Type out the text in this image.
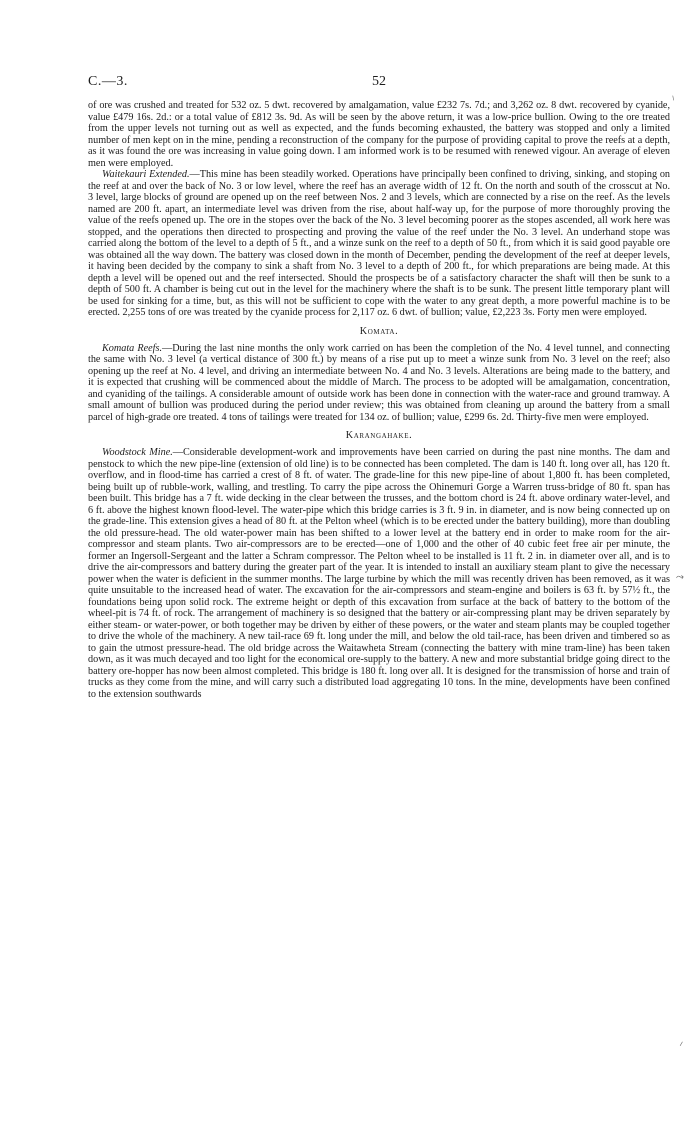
⸌
⤳
⸝
C.—3.	52

of ore was crushed and treated for 532 oz. 5 dwt. recovered by amalgamation, value £232 7s. 7d.; and 3,262 oz. 8 dwt. recovered by cyanide, value £479 16s. 2d.: or a total value of £812 3s. 9d. As will be seen by the above return, it was a low-price bullion. Owing to the ore treated from the upper levels not turning out as well as expected, and the funds becoming exhausted, the battery was stopped and only a limited number of men kept on in the mine, pending a reconstruction of the company for the purpose of providing capital to prove the reefs at a depth, as it was found the ore was increasing in value going down. I am informed work is to be resumed with renewed vigour. An average of eleven men were employed.

Waitekauri Extended.—This mine has been steadily worked. Operations have principally been confined to driving, sinking, and stoping on the reef at and over the back of No. 3 or low level, where the reef has an average width of 12 ft. On the north and south of the crosscut at No. 3 level, large blocks of ground are opened up on the reef between Nos. 2 and 3 levels, which are connected by a rise on the reef. As the levels named are 200 ft. apart, an intermediate level was driven from the rise, about half-way up, for the purpose of more thoroughly proving the value of the reefs opened up. The ore in the stopes over the back of the No. 3 level becoming poorer as the stopes ascended, all work here was stopped, and the operations then directed to prospecting and proving the value of the reef under the No. 3 level. An underhand stope was carried along the bottom of the level to a depth of 5 ft., and a winze sunk on the reef to a depth of 50 ft., from which it is said good payable ore was obtained all the way down. The battery was closed down in the month of December, pending the development of the reef at deeper levels, it having been decided by the company to sink a shaft from No. 3 level to a depth of 200 ft., for which preparations are being made. At this depth a level will be opened out and the reef intersected. Should the prospects be of a satisfactory character the shaft will then be sunk to a depth of 500 ft. A chamber is being cut out in the level for the machinery where the shaft is to be sunk. The present little temporary plant will be used for sinking for a time, but, as this will not be sufficient to cope with the water to any great depth, a more powerful machine is to be erected. 2,255 tons of ore was treated by the cyanide process for 2,117 oz. 6 dwt. of bullion; value, £2,223 3s. Forty men were employed.

Komata.

Komata Reefs.—During the last nine months the only work carried on has been the completion of the No. 4 level tunnel, and connecting the same with No. 3 level (a vertical distance of 300 ft.) by means of a rise put up to meet a winze sunk from No. 3 level on the reef; also opening up the reef at No. 4 level, and driving an intermediate between No. 4 and No. 3 levels. Alterations are being made to the battery, and it is expected that crushing will be commenced about the middle of March. The process to be adopted will be amalgamation, concentration, and cyaniding of the tailings. A considerable amount of outside work has been done in connection with the water-race and ground tramway. A small amount of bullion was produced during the period under review; this was obtained from cleaning up around the battery from a small parcel of high-grade ore treated. 4 tons of tailings were treated for 134 oz. of bullion; value, £299 6s. 2d. Thirty-five men were employed.

Karangahake.

Woodstock Mine.—Considerable development-work and improvements have been carried on during the past nine months. The dam and penstock to which the new pipe-line (extension of old line) is to be connected has been completed. The dam is 140 ft. long over all, has 120 ft. overflow, and in flood-time has carried a crest of 8 ft. of water. The grade-line for this new pipe-line of about 1,800 ft. has been completed, being built up of rubble-work, walling, and trestling. To carry the pipe across the Ohinemuri Gorge a Warren truss-bridge of 80 ft. span has been built. This bridge has a 7 ft. wide decking in the clear between the trusses, and the bottom chord is 24 ft. above ordinary water-level, and 6 ft. above the highest known flood-level. The water-pipe which this bridge carries is 3 ft. 9 in. in diameter, and is now being connected up on the grade-line. This extension gives a head of 80 ft. at the Pelton wheel (which is to be erected under the battery building), more than doubling the old pressure-head. The old water-power main has been shifted to a lower level at the battery end in order to make room for the air-compressor and steam plants. Two air-compressors are to be erected—one of 1,000 and the other of 40 cubic feet free air per minute, the former an Ingersoll-Sergeant and the latter a Schram compressor. The Pelton wheel to be installed is 11 ft. 2 in. in diameter over all, and is to drive the air-compressors and battery during the greater part of the year. It is intended to install an auxiliary steam plant to give the necessary power when the water is deficient in the summer months. The large turbine by which the mill was recently driven has been removed, as it was quite unsuitable to the increased head of water. The excavation for the air-compressors and steam-engine and boilers is 63 ft. by 57½ ft., the foundations being upon solid rock. The extreme height or depth of this excavation from surface at the back of battery to the bottom of the wheel-pit is 74 ft. of rock. The arrangement of machinery is so designed that the battery or air-compressing plant may be driven separately by either steam- or water-power, or both together may be driven by either of these powers, or the water and steam plants may be coupled together to drive the whole of the machinery. A new tail-race 69 ft. long under the mill, and below the old tail-race, has been driven and timbered so as to gain the utmost pressure-head. The old bridge across the Waitawheta Stream (connecting the battery with mine tram-line) has been taken down, as it was much decayed and too light for the economical ore-supply to the battery. A new and more substantial bridge going direct to the battery ore-hopper has now been almost completed. This bridge is 180 ft. long over all. It is designed for the transmission of horse and train of trucks as they come from the mine, and will carry such a distributed load aggregating 10 tons. In the mine, developments have been confined to the extension southwards
